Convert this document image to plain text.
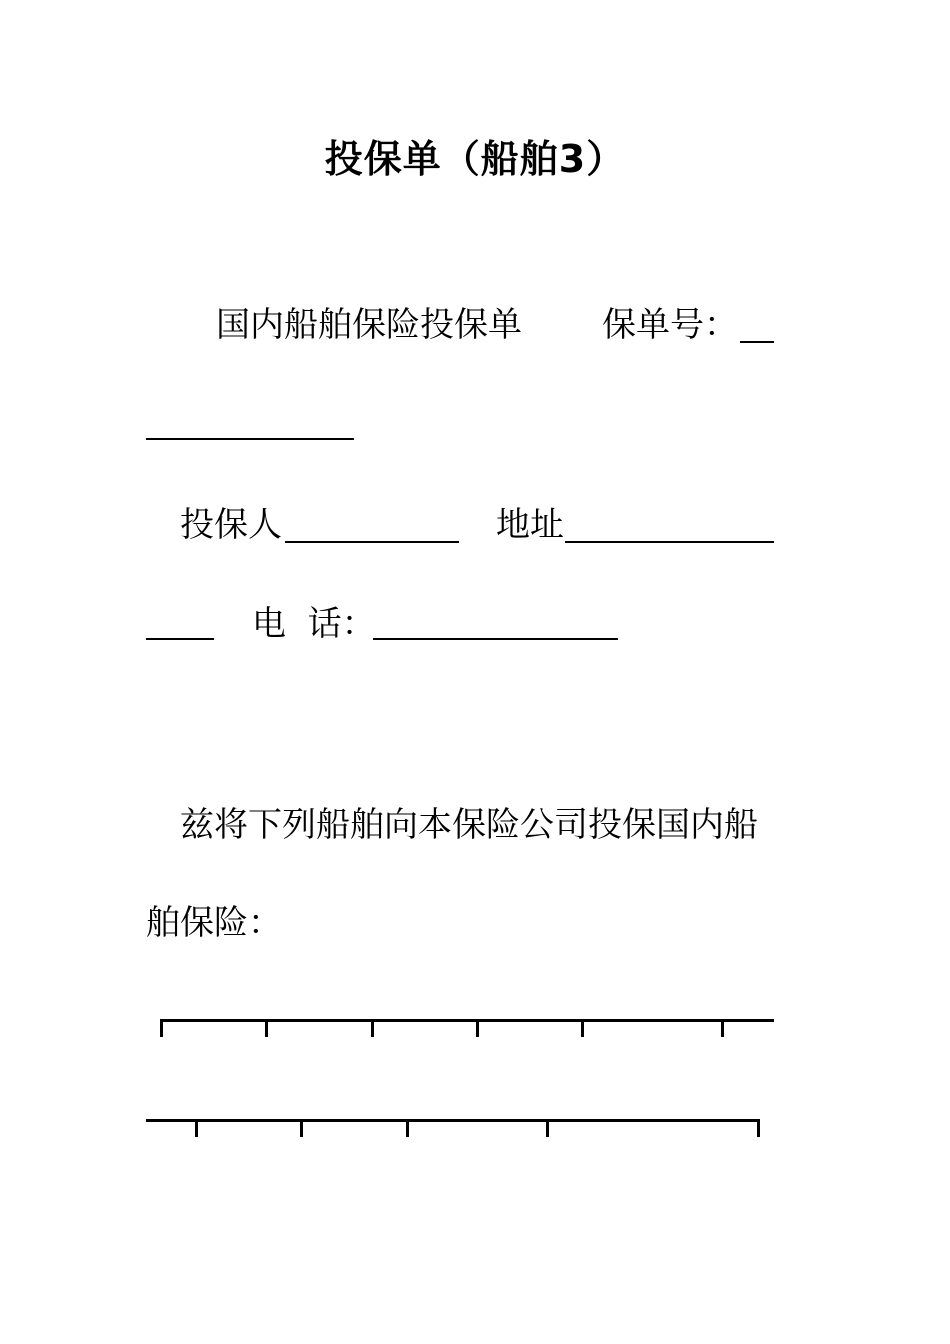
投保单（船舶3）
国内船舶保险投保单 保单号：
投保人	地址
电  话：
兹将下列船舶向本保险公司投保国内船
舶保险：
